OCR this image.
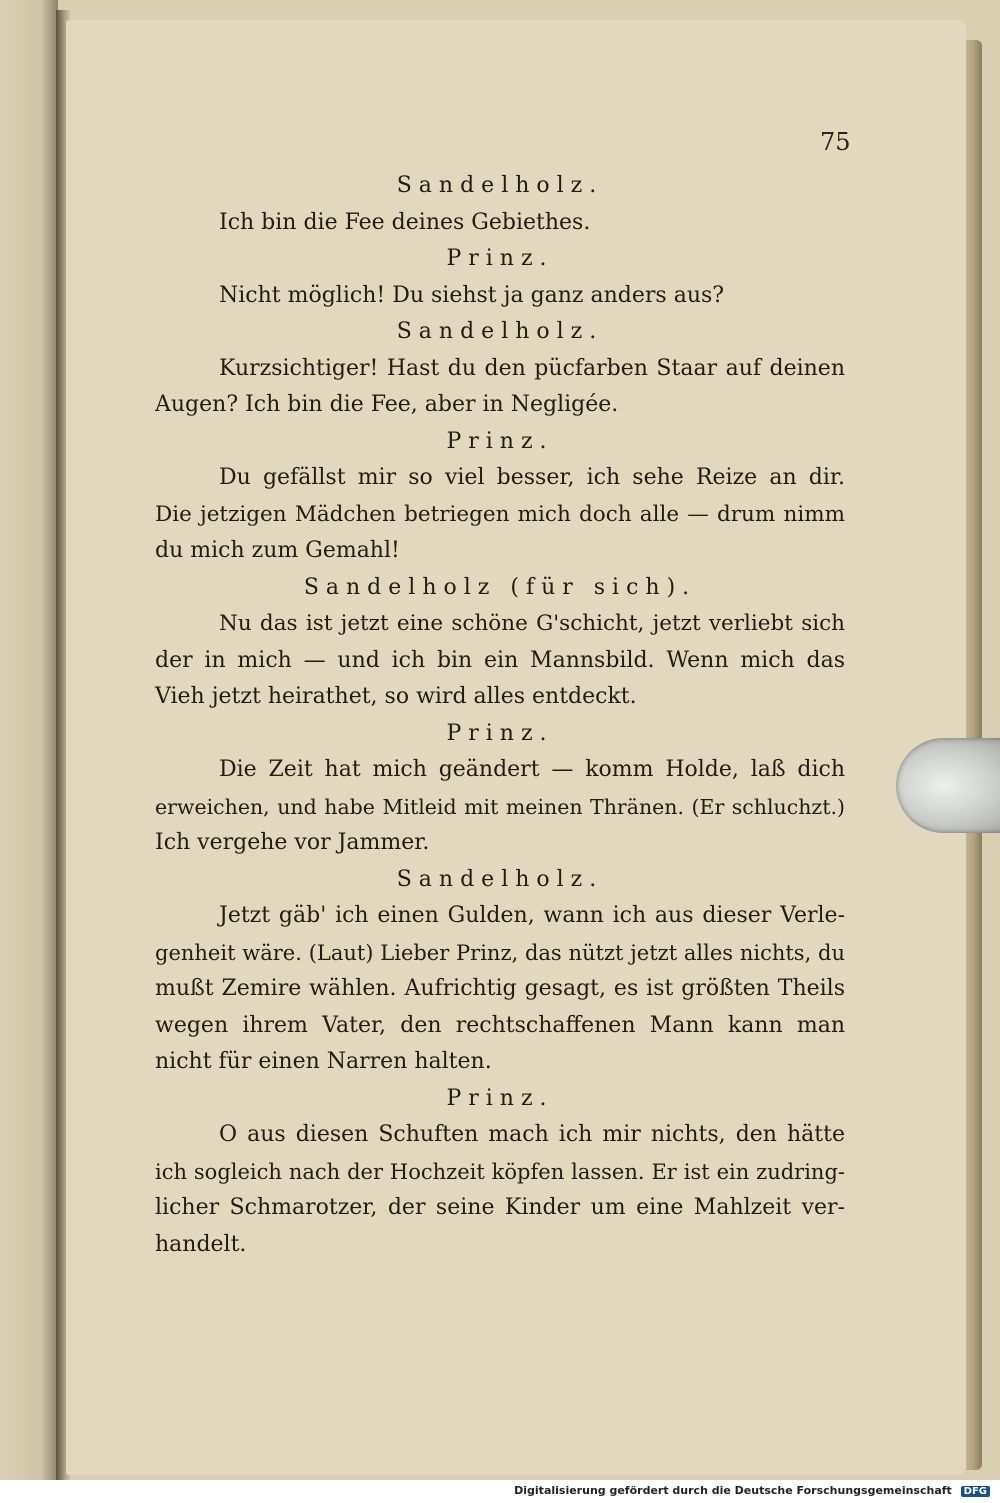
75

Sandelholz.

Ich bin die Fee deines Gebiethes.

Prinz.

Nicht möglich! Du siehst ja ganz anders aus?

Sandelholz.

Kurzsichtiger! Hast du den pücfarben Staar auf deinen
Augen? Ich bin die Fee, aber in Negligée.

Prinz.

Du gefällst mir so viel besser, ich sehe Reize an dir.
Die jetzigen Mädchen betriegen mich doch alle — drum nimm
du mich zum Gemahl!

Sandelholz (für sich).

Nu das ist jetzt eine schöne G'schicht, jetzt verliebt sich
der in mich — und ich bin ein Mannsbild. Wenn mich das
Vieh jetzt heirathet, so wird alles entdeckt.

Prinz.

Die Zeit hat mich geändert — komm Holde, laß dich
erweichen, und habe Mitleid mit meinen Thränen. (Er schluchzt.)
Ich vergehe vor Jammer.

Sandelholz.

Jetzt gäb' ich einen Gulden, wann ich aus dieser Verle-
genheit wäre. (Laut) Lieber Prinz, das nützt jetzt alles nichts, du
mußt Zemire wählen. Aufrichtig gesagt, es ist größten Theils
wegen ihrem Vater, den rechtschaffenen Mann kann man
nicht für einen Narren halten.

Prinz.

O aus diesen Schuften mach ich mir nichts, den hätte
ich sogleich nach der Hochzeit köpfen lassen. Er ist ein zudring-
licher Schmarotzer, der seine Kinder um eine Mahlzeit ver-
handelt.

Digitalisierung gefördert durch die Deutsche Forschungsgemeinschaft DFG
